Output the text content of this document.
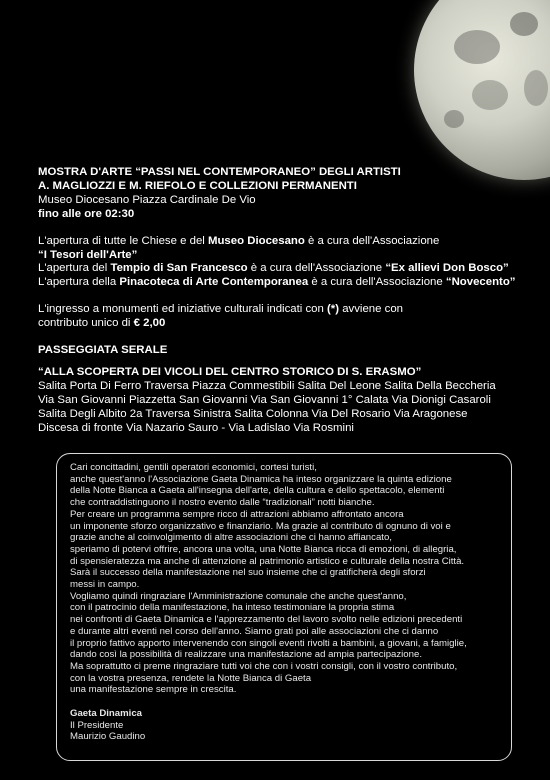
MOSTRA D'ARTE “PASSI NEL CONTEMPORANEO” DEGLI ARTISTI
A. MAGLIOZZI E M. RIEFOLO E COLLEZIONI PERMANENTI
Museo Diocesano Piazza Cardinale De Vio
fino alle ore 02:30
L'apertura di tutte le Chiese e del Museo Diocesano è a cura dell'Associazione
“I Tesori dell'Arte”
L'apertura del Tempio di San Francesco è a cura dell'Associazione “Ex allievi Don Bosco”
L'apertura della Pinacoteca di Arte Contemporanea è a cura dell'Associazione “Novecento”
L'ingresso a monumenti ed iniziative culturali indicati con (*) avviene con
contributo unico di € 2,00
PASSEGGIATA SERALE
“ALLA SCOPERTA DEI VICOLI DEL CENTRO STORICO DI S. ERASMO”
Salita Porta Di Ferro Traversa Piazza Commestibili Salita Del Leone Salita Della Beccheria
Via San Giovanni Piazzetta San Giovanni Via San Giovanni 1° Calata Via Dionigi Casaroli
Salita Degli Albito 2a Traversa Sinistra Salita Colonna Via Del Rosario Via Aragonese
Discesa di fronte Via Nazario Sauro - Via Ladislao Via Rosmini
Cari concittadini, gentili operatori economici, cortesi turisti,
anche quest'anno l'Associazione Gaeta Dinamica ha inteso organizzare la quinta edizione
della Notte Bianca a Gaeta all'insegna dell'arte, della cultura e dello spettacolo, elementi
che contraddistinguono il nostro evento dalle “tradizionali” notti bianche.
Per creare un programma sempre ricco di attrazioni abbiamo affrontato ancora
un imponente sforzo organizzativo e finanziario. Ma grazie al contributo di ognuno di voi e
grazie anche al coinvolgimento di altre associazioni che ci hanno affiancato,
speriamo di potervi offrire, ancora una volta, una Notte Bianca ricca di emozioni, di allegria,
di spensieratezza ma anche di attenzione al patrimonio artistico e culturale della nostra Città.
Sarà il successo della manifestazione nel suo insieme che ci gratificherà degli sforzi
messi in campo.
Vogliamo quindi ringraziare l'Amministrazione comunale che anche quest'anno,
con il patrocinio della manifestazione, ha inteso testimoniare la propria stima
nei confronti di Gaeta Dinamica e l'apprezzamento del lavoro svolto nelle edizioni precedenti
e durante altri eventi nel corso dell'anno. Siamo grati poi alle associazioni che ci danno
il proprio fattivo apporto intervenendo con singoli eventi rivolti a bambini, a giovani, a famiglie,
dando così la possibilità di realizzare una manifestazione ad ampia partecipazione.
Ma soprattutto ci preme ringraziare tutti voi che con i vostri consigli, con il vostro contributo,
con la vostra presenza, rendete la Notte Bianca di Gaeta
una manifestazione sempre in crescita.
Gaeta Dinamica
Il Presidente
Maurizio Gaudino
